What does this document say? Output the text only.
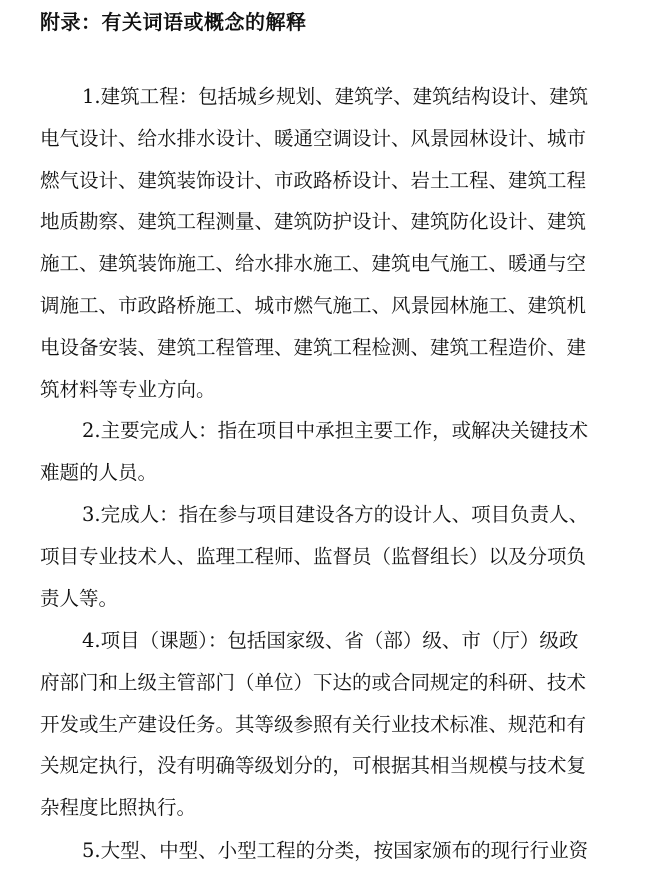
附录：有关词语或概念的解释
1.建筑工程：包括城乡规划、建筑学、建筑结构设计、建筑
电气设计、给水排水设计、暖通空调设计、风景园林设计、城市
燃气设计、建筑装饰设计、市政路桥设计、岩土工程、建筑工程
地质勘察、建筑工程测量、建筑防护设计、建筑防化设计、建筑
施工、建筑装饰施工、给水排水施工、建筑电气施工、暖通与空
调施工、市政路桥施工、城市燃气施工、风景园林施工、建筑机
电设备安装、建筑工程管理、建筑工程检测、建筑工程造价、建
筑材料等专业方向。
2.主要完成人：指在项目中承担主要工作，或解决关键技术
难题的人员。
3.完成人：指在参与项目建设各方的设计人、项目负责人、
项目专业技术人、监理工程师、监督员（监督组长）以及分项负
责人等。
4.项目（课题）：包括国家级、省（部）级、市（厅）级政
府部门和上级主管部门（单位）下达的或合同规定的科研、技术
开发或生产建设任务。其等级参照有关行业技术标准、规范和有
关规定执行，没有明确等级划分的，可根据其相当规模与技术复
杂程度比照执行。
5.大型、中型、小型工程的分类，按国家颁布的现行行业资
